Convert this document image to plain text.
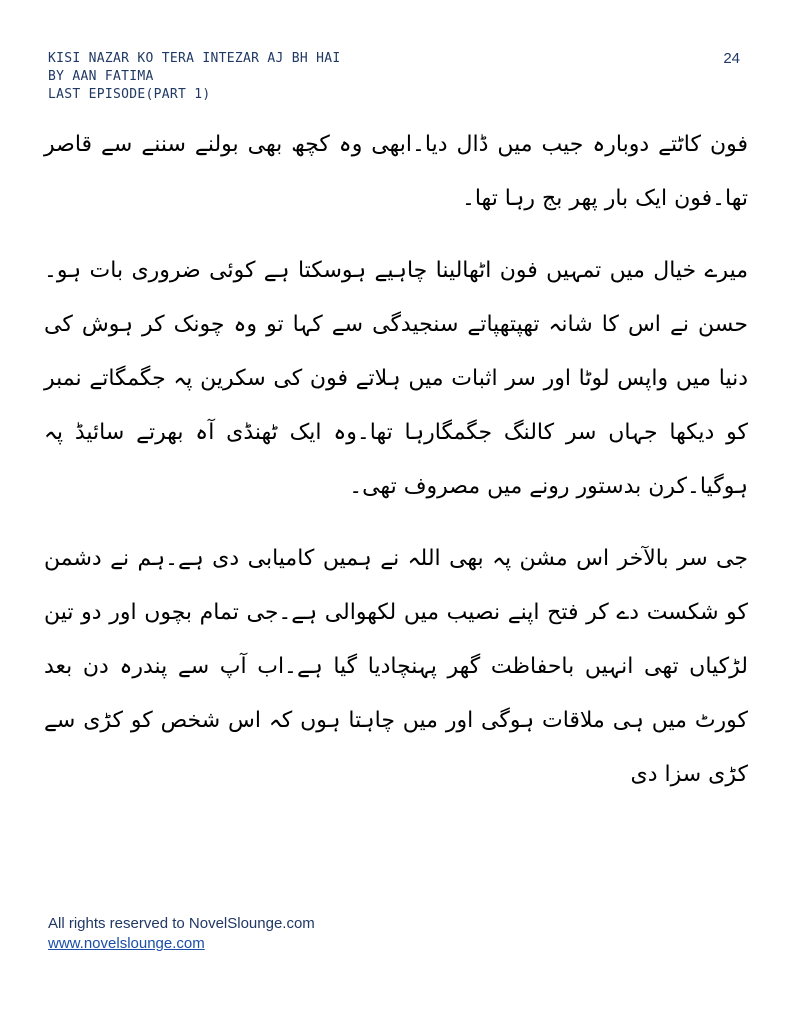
KISI NAZAR KO TERA INTEZAR AJ BH HAI
BY AAN FATIMA
LAST EPISODE(PART 1)
24

فون کاٹتے دوبارہ جیب میں ڈال دیا۔ابھی وہ کچھ بھی بولنے سننے سے قاصر تھا۔فون ایک بار پھر بج رہا تھا۔

میرے خیال میں تمہیں فون اٹھالینا چاہیے ہوسکتا ہے کوئی ضروری بات ہو۔حسن نے اس کا شانہ تھپتھپاتے سنجیدگی سے کہا تو وہ چونک کر ہوش کی دنیا میں واپس لوٹا اور سر اثبات میں ہلاتے فون کی سکرین پہ جگمگاتے نمبر کو دیکھا جہاں سر کالنگ جگمگارہا تھا۔وہ ایک ٹھنڈی آہ بھرتے سائیڈ پہ ہوگیا۔کرن بدستور رونے میں مصروف تھی۔

جی سر بالآخر اس مشن پہ بھی اللہ نے ہمیں کامیابی دی ہے۔ہم نے دشمن کو شکست دے کر فتح اپنے نصیب میں لکھوالی ہے۔جی تمام بچوں اور دو تین لڑکیاں تھی انہیں باحفاظت گھر پہنچادیا گیا ہے۔اب آپ سے پندرہ دن بعد کورٹ میں ہی ملاقات ہوگی اور میں چاہتا ہوں کہ اس شخص کو کڑی سے کڑی سزا دی

All rights reserved to NovelSlounge.com
www.novelslounge.com
